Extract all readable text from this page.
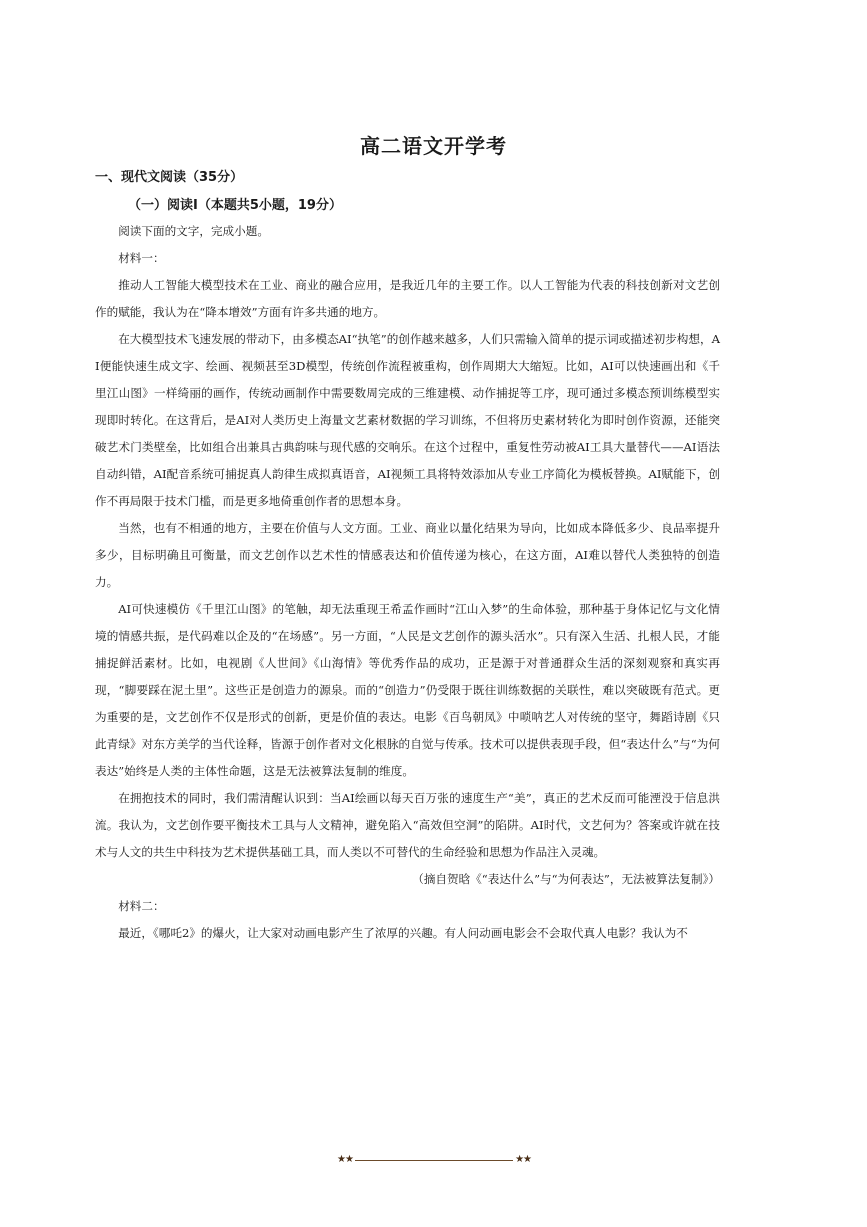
高二语文开学考
一、现代文阅读（35分）
（一）阅读Ⅰ（本题共5小题，19分）

阅读下面的文字，完成小题。

材料一：

推动人工智能大模型技术在工业、商业的融合应用，是我近几年的主要工作。以人工智能为代表的科技创新对文艺创作的赋能，我认为在“降本增效”方面有许多共通的地方。

在大模型技术飞速发展的带动下，由多模态AI“执笔”的创作越来越多，人们只需输入简单的提示词或描述初步构想，AI便能快速生成文字、绘画、视频甚至3D模型，传统创作流程被重构，创作周期大大缩短。比如，AI可以快速画出和《千里江山图》一样绮丽的画作，传统动画制作中需要数周完成的三维建模、动作捕捉等工序，现可通过多模态预训练模型实现即时转化。在这背后，是AI对人类历史上海量文艺素材数据的学习训练，不但将历史素材转化为即时创作资源，还能突破艺术门类壁垒，比如组合出兼具古典韵味与现代感的交响乐。在这个过程中，重复性劳动被AI工具大量替代——AI语法自动纠错，AI配音系统可捕捉真人韵律生成拟真语音，AI视频工具将特效添加从专业工序简化为模板替换。AI赋能下，创作不再局限于技术门槛，而是更多地倚重创作者的思想本身。

当然，也有不相通的地方，主要在价值与人文方面。工业、商业以量化结果为导向，比如成本降低多少、良品率提升多少，目标明确且可衡量，而文艺创作以艺术性的情感表达和价值传递为核心，在这方面，AI难以替代人类独特的创造力。

AI可快速模仿《千里江山图》的笔触，却无法重现王希孟作画时“江山入梦”的生命体验，那种基于身体记忆与文化情境的情感共振，是代码难以企及的“在场感”。另一方面，“人民是文艺创作的源头活水”。只有深入生活、扎根人民，才能捕捉鲜活素材。比如，电视剧《人世间》《山海情》等优秀作品的成功，正是源于对普通群众生活的深刻观察和真实再现，“脚要踩在泥土里”。这些正是创造力的源泉。而的“创造力”仍受限于既往训练数据的关联性，难以突破既有范式。更为重要的是，文艺创作不仅是形式的创新，更是价值的表达。电影《百鸟朝凤》中唢呐艺人对传统的坚守，舞蹈诗剧《只此青绿》对东方美学的当代诠释，皆源于创作者对文化根脉的自觉与传承。技术可以提供表现手段，但“表达什么”与“为何表达”始终是人类的主体性命题，这是无法被算法复制的维度。

在拥抱技术的同时，我们需清醒认识到：当AI绘画以每天百万张的速度生产“美”，真正的艺术反而可能湮没于信息洪流。我认为，文艺创作要平衡技术工具与人文精神，避免陷入“高效但空洞”的陷阱。AI时代，文艺何为？答案或许就在技术与人文的共生中科技为艺术提供基础工具，而人类以不可替代的生命经验和思想为作品注入灵魂。

（摘自贺晗《“表达什么”与“为何表达”，无法被算法复制》）

材料二：

最近，《哪吒2》的爆火，让大家对动画电影产生了浓厚的兴趣。有人问动画电影会不会取代真人电影？我认为不

★★	★★
